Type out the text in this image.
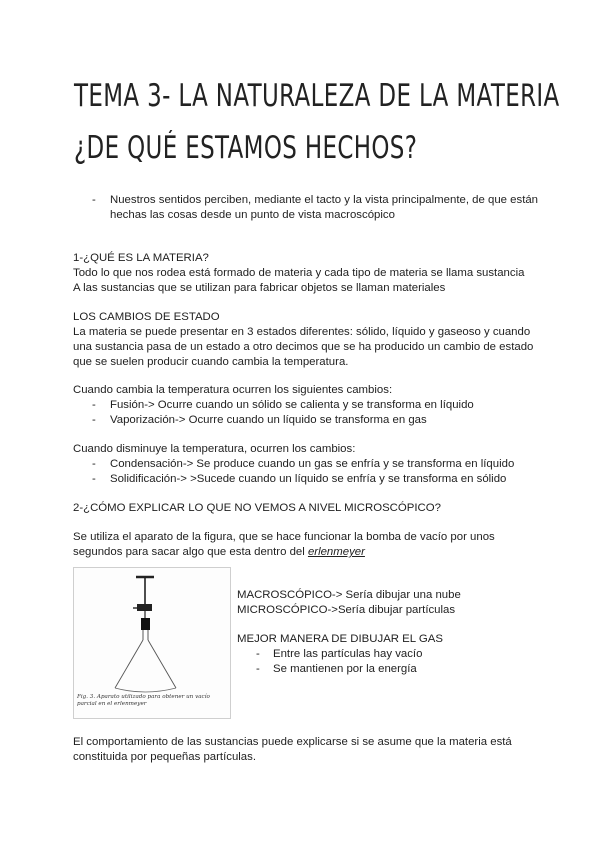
TEMA 3- LA NATURALEZA DE LA MATERIA
¿DE QUÉ ESTAMOS HECHOS?
- Nuestros sentidos perciben, mediante el tacto y la vista principalmente, de que están
hechas las cosas desde un punto de vista macroscópico
1-¿QUÉ ES LA MATERIA?
Todo lo que nos rodea está formado de materia y cada tipo de materia se llama sustancia
A las sustancias que se utilizan para fabricar objetos se llaman materiales
LOS CAMBIOS DE ESTADO
La materia se puede presentar en 3 estados diferentes: sólido, líquido y gaseoso y cuando
una sustancia pasa de un estado a otro decimos que se ha producido un cambio de estado
que se suelen producir cuando cambia la temperatura.
Cuando cambia la temperatura ocurren los siguientes cambios:
- Fusión-> Ocurre cuando un sólido se calienta y se transforma en líquido
- Vaporización-> Ocurre cuando un líquido se transforma en gas
Cuando disminuye la temperatura, ocurren los cambios:
- Condensación-> Se produce cuando un gas se enfría y se transforma en líquido
- Solidificación-> >Sucede cuando un líquido se enfría y se transforma en sólido
2-¿CÓMO EXPLICAR LO QUE NO VEMOS A NIVEL MICROSCÓPICO?
Se utiliza el aparato de la figura, que se hace funcionar la bomba de vacío por unos
segundos para sacar algo que esta dentro del erlenmeyer
Fig. 3. Aparato utilizado para obtener un vacío parcial en el erlenmeyer
MACROSCÓPICO-> Sería dibujar una nube
MICROSCÓPICO->Sería dibujar partículas
MEJOR MANERA DE DIBUJAR EL GAS
- Entre las partículas hay vacío
- Se mantienen por la energía
El comportamiento de las sustancias puede explicarse si se asume que la materia está
constituida por pequeñas partículas.
